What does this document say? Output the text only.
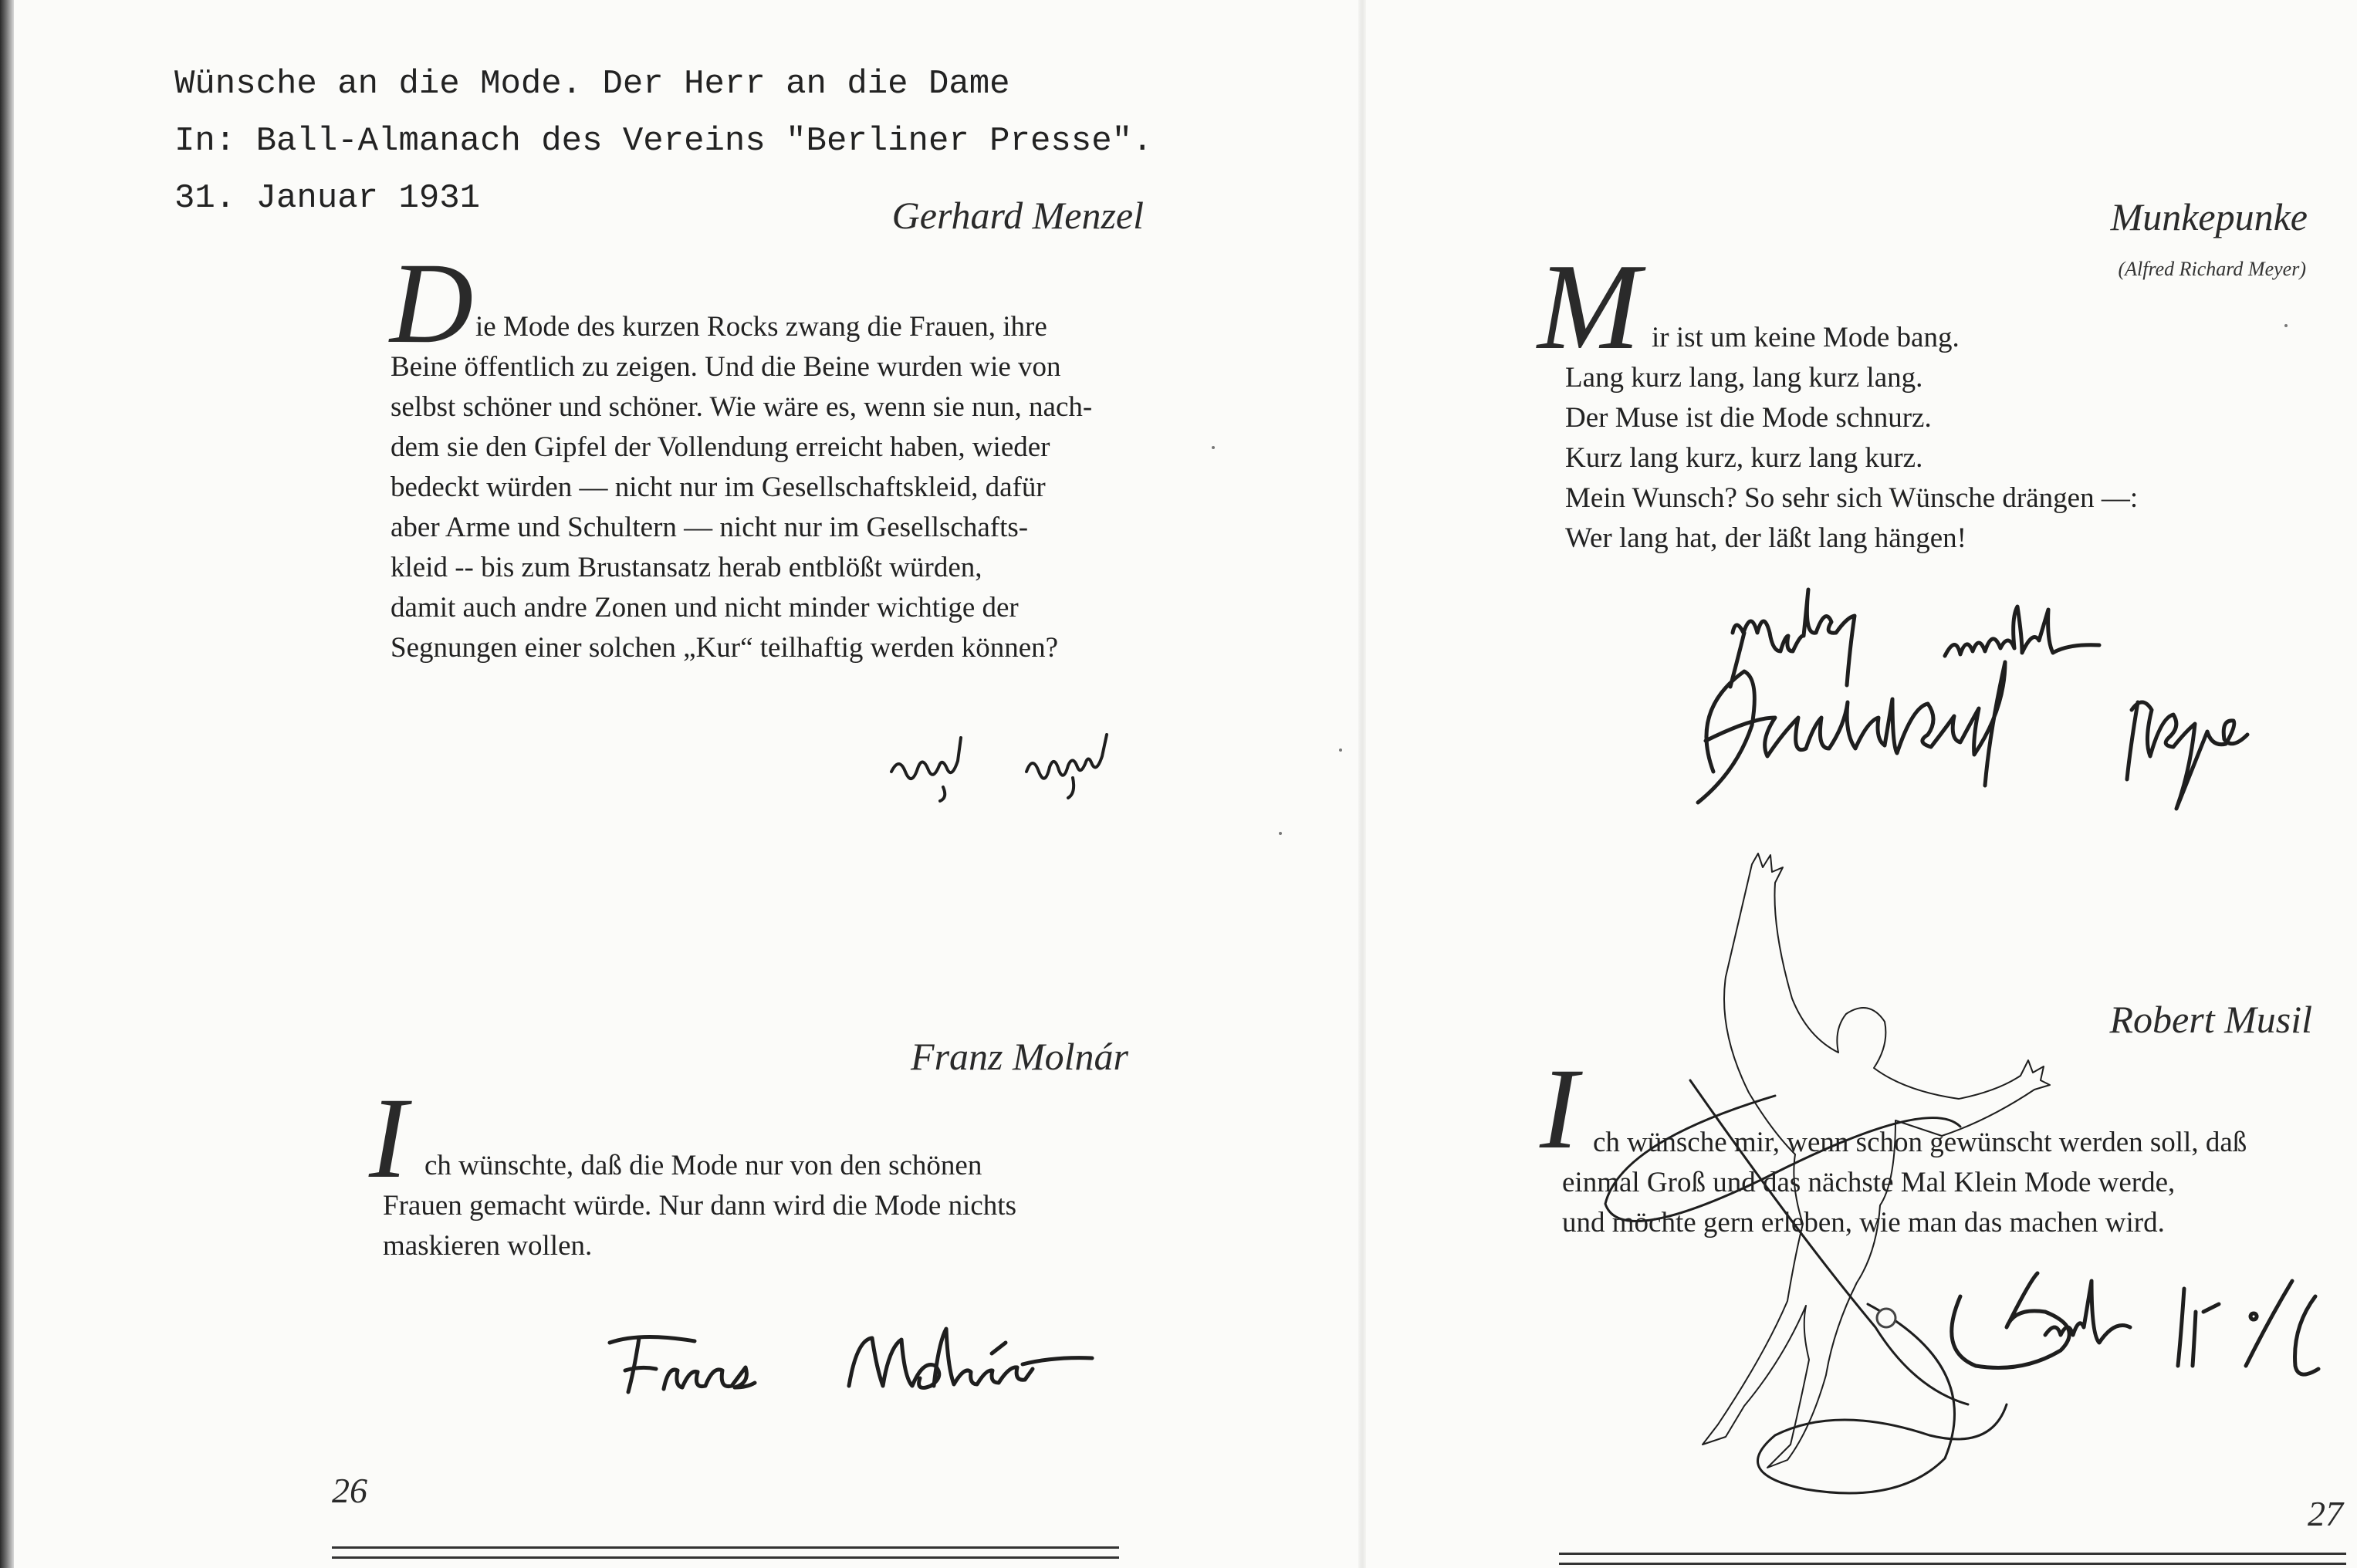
Wünsche an die Mode. Der Herr an die Dame
In: Ball-Almanach des Vereins "Berliner Presse".
31. Januar 1931	Gerhard Menzel
D ie Mode des kurzen Rocks zwang die Frauen, ihre
Beine öffentlich zu zeigen. Und die Beine wurden wie von
selbst schöner und schöner. Wie wäre es, wenn sie nun, nach-
dem sie den Gipfel der Vollendung erreicht haben, wieder
bedeckt würden — nicht nur im Gesellschaftskleid, dafür
aber Arme und Schultern — nicht nur im Gesellschafts-
kleid -- bis zum Brustansatz herab entblößt würden,
damit auch andre Zonen und nicht minder wichtige der
Segnungen einer solchen „Kur“ teilhaftig werden können?
Franz Molnár
I ch wünschte, daß die Mode nur von den schönen
Frauen gemacht würde. Nur dann wird die Mode nichts
maskieren wollen.
26
Munkepunke
(Alfred Richard Meyer)
M ir ist um keine Mode bang.
Lang kurz lang, lang kurz lang.
Der Muse ist die Mode schnurz.
Kurz lang kurz, kurz lang kurz.
Mein Wunsch? So sehr sich Wünsche drängen —:
Wer lang hat, der läßt lang hängen!
Robert Musil
I ch wünsche mir, wenn schon gewünscht werden soll, daß
einmal Groß und das nächste Mal Klein Mode werde,
und möchte gern erleben, wie man das machen wird.
27
